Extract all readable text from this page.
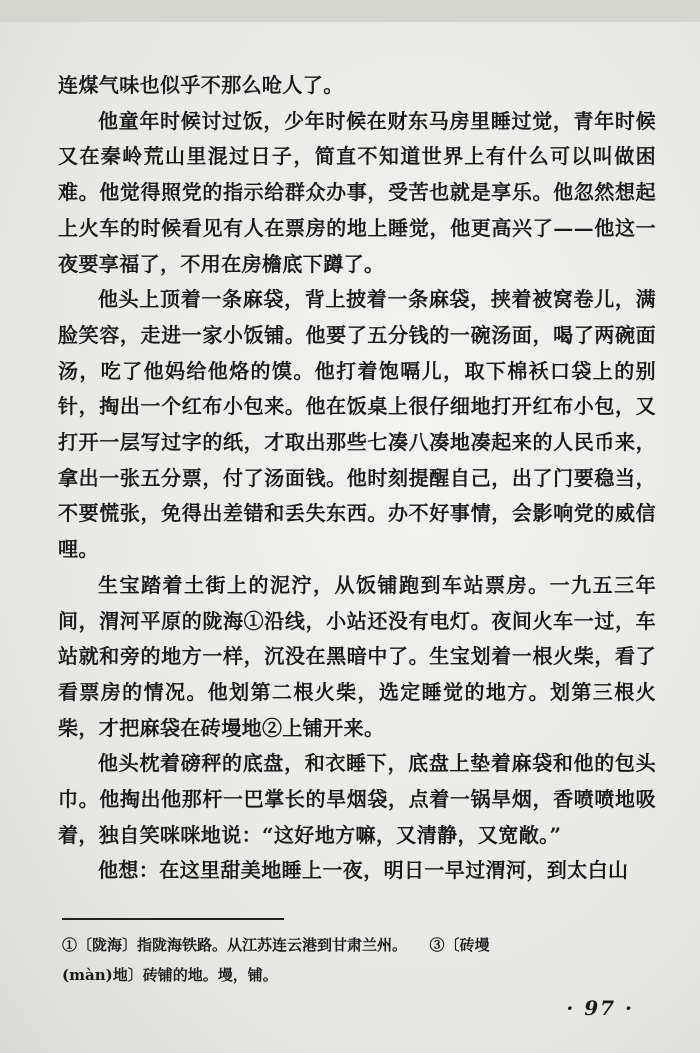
连煤气味也似乎不那么呛人了。

他童年时候讨过饭，少年时候在财东马房里睡过觉，青年时候又在秦岭荒山里混过日子，简直不知道世界上有什么可以叫做困难。他觉得照党的指示给群众办事，受苦也就是享乐。他忽然想起上火车的时候看见有人在票房的地上睡觉，他更高兴了——他这一夜要享福了，不用在房檐底下蹲了。

他头上顶着一条麻袋，背上披着一条麻袋，挟着被窝卷儿，满脸笑容，走进一家小饭铺。他要了五分钱的一碗汤面，喝了两碗面汤，吃了他妈给他烙的馍。他打着饱嗝儿，取下棉袄口袋上的别针，掏出一个红布小包来。他在饭桌上很仔细地打开红布小包，又打开一层写过字的纸，才取出那些七凑八凑地凑起来的人民币来，拿出一张五分票，付了汤面钱。他时刻提醒自己，出了门要稳当，不要慌张，免得出差错和丢失东西。办不好事情，会影响党的威信哩。

生宝踏着土街上的泥泞，从饭铺跑到车站票房。一九五三年间，渭河平原的陇海①沿线，小站还没有电灯。夜间火车一过，车站就和旁的地方一样，沉没在黑暗中了。生宝划着一根火柴，看了看票房的情况。他划第二根火柴，选定睡觉的地方。划第三根火柴，才把麻袋在砖墁地②上铺开来。

他头枕着磅秤的底盘，和衣睡下，底盘上垫着麻袋和他的包头巾。他掏出他那杆一巴掌长的旱烟袋，点着一锅旱烟，香喷喷地吸着，独自笑咪咪地说：“这好地方嘛，又清静，又宽敞。”

他想：在这里甜美地睡上一夜，明日一早过渭河，到太白山

①〔陇海〕指陇海铁路。从江苏连云港到甘肃兰州。　　③〔砖墁

(màn)地〕砖铺的地。墁，铺。

· 97 ·
